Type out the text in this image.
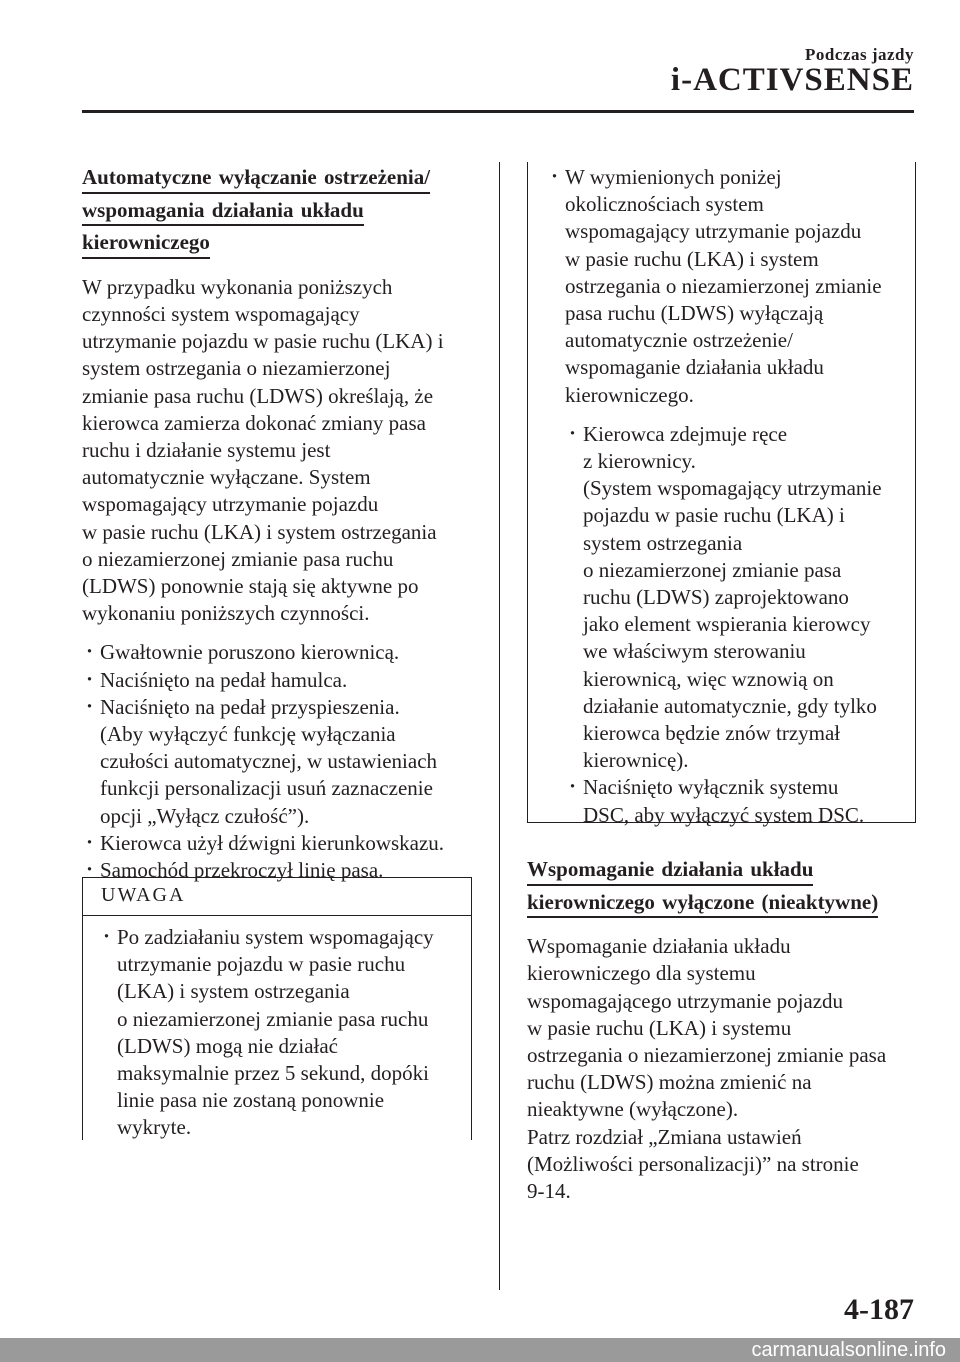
Podczas jazdy
i-ACTIVSENSE
Automatyczne wyłączanie ostrzeżenia/
wspomagania działania układu
kierowniczego

W przypadku wykonania poniższych
czynności system wspomagający
utrzymanie pojazdu w pasie ruchu (LKA) i
system ostrzegania o niezamierzonej
zmianie pasa ruchu (LDWS) określają, że
kierowca zamierza dokonać zmiany pasa
ruchu i działanie systemu jest
automatycznie wyłączane. System
wspomagający utrzymanie pojazdu
w pasie ruchu (LKA) i system ostrzegania
o niezamierzonej zmianie pasa ruchu
(LDWS) ponownie stają się aktywne po
wykonaniu poniższych czynności.

· Gwałtownie poruszono kierownicą.
· Naciśnięto na pedał hamulca.
· Naciśnięto na pedał przyspieszenia.
(Aby wyłączyć funkcję wyłączania
czułości automatycznej, w ustawieniach
funkcji personalizacji usuń zaznaczenie
opcji „Wyłącz czułość”).
· Kierowca użył dźwigni kierunkowskazu.
· Samochód przekroczył linię pasa.
UWAGA
· Po zadziałaniu system wspomagający
utrzymanie pojazdu w pasie ruchu
(LKA) i system ostrzegania
o niezamierzonej zmianie pasa ruchu
(LDWS) mogą nie działać
maksymalnie przez 5 sekund, dopóki
linie pasa nie zostaną ponownie
wykryte.
· W wymienionych poniżej
okolicznościach system
wspomagający utrzymanie pojazdu
w pasie ruchu (LKA) i system
ostrzegania o niezamierzonej zmianie
pasa ruchu (LDWS) wyłączają
automatycznie ostrzeżenie/
wspomaganie działania układu
kierowniczego.
· Kierowca zdejmuje ręce
z kierownicy.
(System wspomagający utrzymanie
pojazdu w pasie ruchu (LKA) i
system ostrzegania
o niezamierzonej zmianie pasa
ruchu (LDWS) zaprojektowano
jako element wspierania kierowcy
we właściwym sterowaniu
kierownicą, więc wznowią on
działanie automatycznie, gdy tylko
kierowca będzie znów trzymał
kierownicę).
· Naciśnięto wyłącznik systemu
DSC, aby wyłączyć system DSC.
Wspomaganie działania układu
kierowniczego wyłączone (nieaktywne)

Wspomaganie działania układu
kierowniczego dla systemu
wspomagającego utrzymanie pojazdu
w pasie ruchu (LKA) i systemu
ostrzegania o niezamierzonej zmianie pasa
ruchu (LDWS) można zmienić na
nieaktywne (wyłączone).
Patrz rozdział „Zmiana ustawień
(Możliwości personalizacji)” na stronie
9-14.

4-187
carmanualsonline.info
